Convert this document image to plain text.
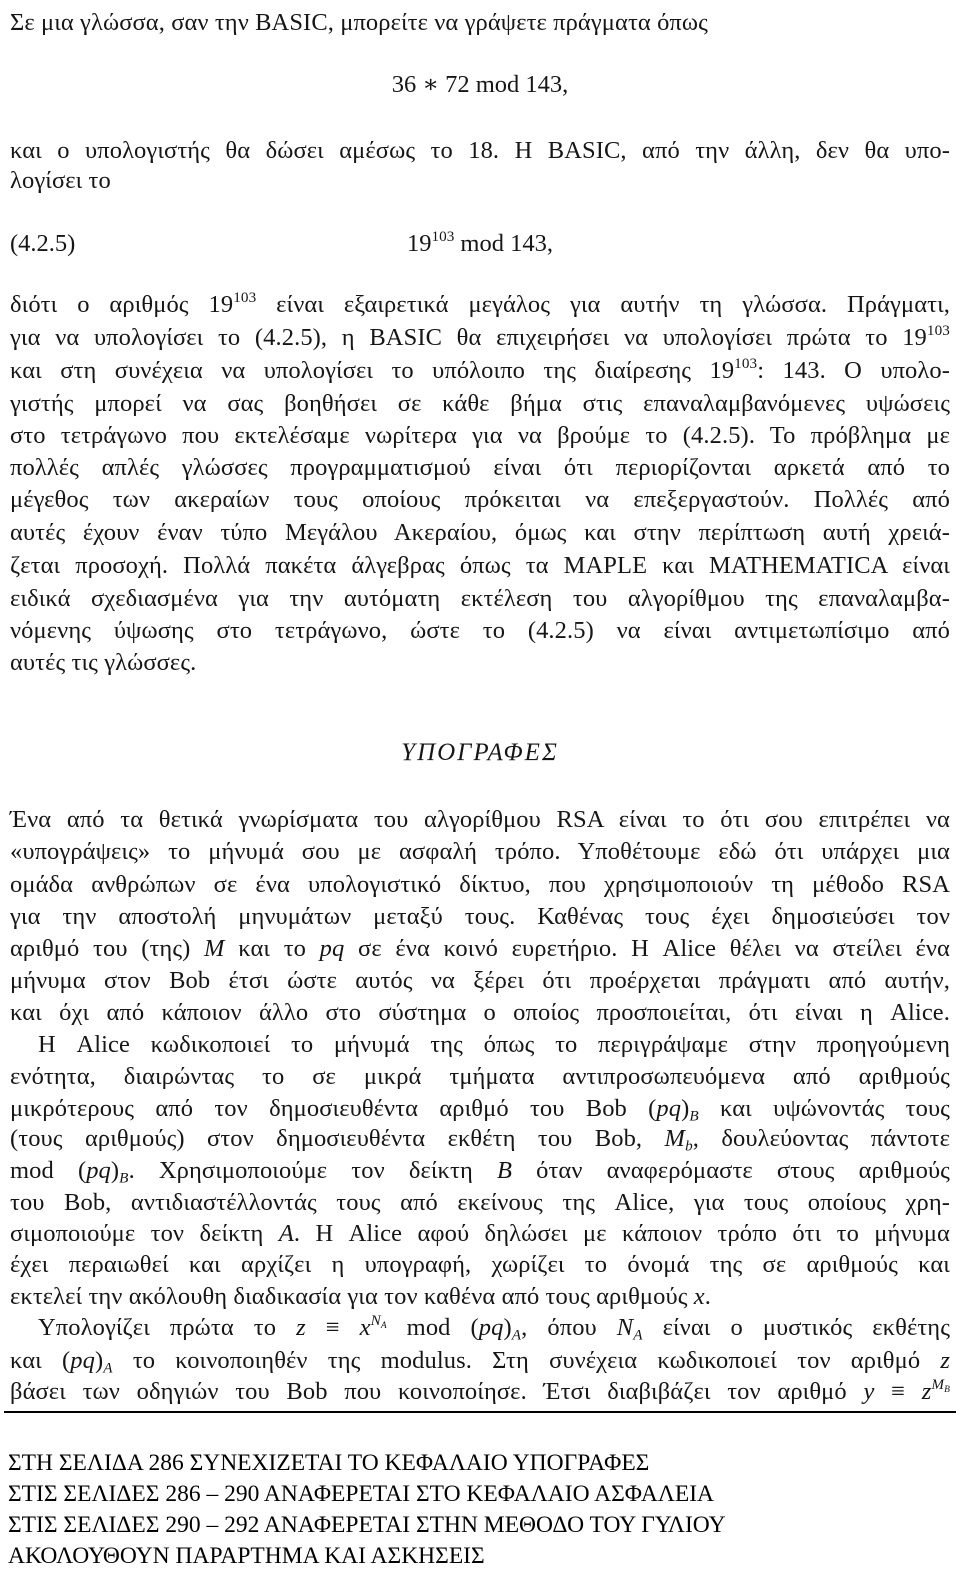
Σε μια γλώσσα, σαν την BASIC, μπορείτε να γράψετε πράγματα όπως
36 ∗ 72 mod 143,
και ο υπολογιστής θα δώσει αμέσως το 18. Η BASIC, από την άλλη, δεν θα υπο-
λογίσει το
(4.2.5)	$19^{103}$ mod 143,
διότι ο αριθμός $19^{103}$ είναι εξαιρετικά μεγάλος για αυτήν τη γλώσσα. Πράγματι,
για να υπολογίσει το (4.2.5), η BASIC θα επιχειρήσει να υπολογίσει πρώτα το $19^{103}$
και στη συνέχεια να υπολογίσει το υπόλοιπο της διαίρεσης $19^{103}$: 143. Ο υπολο-
γιστής μπορεί να σας βοηθήσει σε κάθε βήμα στις επαναλαμβανόμενες υψώσεις
στο τετράγωνο που εκτελέσαμε νωρίτερα για να βρούμε το (4.2.5). Το πρόβλημα με
πολλές απλές γλώσσες προγραμματισμού είναι ότι περιορίζονται αρκετά από το
μέγεθος των ακεραίων τους οποίους πρόκειται να επεξεργαστούν. Πολλές από
αυτές έχουν έναν τύπο Μεγάλου Ακεραίου, όμως και στην περίπτωση αυτή χρειά-
ζεται προσοχή. Πολλά πακέτα άλγεβρας όπως τα MAPLE και MATHEMATICA είναι
ειδικά σχεδιασμένα για την αυτόματη εκτέλεση του αλγορίθμου της επαναλαμβα-
νόμενης ύψωσης στο τετράγωνο, ώστε το (4.2.5) να είναι αντιμετωπίσιμο από
αυτές τις γλώσσες.
ΥΠΟΓΡΑΦΕΣ
Ένα από τα θετικά γνωρίσματα του αλγορίθμου RSA είναι το ότι σου επιτρέπει να
«υπογράψεις» το μήνυμά σου με ασφαλή τρόπο. Υποθέτουμε εδώ ότι υπάρχει μια
ομάδα ανθρώπων σε ένα υπολογιστικό δίκτυο, που χρησιμοποιούν τη μέθοδο RSA
για την αποστολή μηνυμάτων μεταξύ τους. Καθένας τους έχει δημοσιεύσει τον
αριθμό του (της) M και το pq σε ένα κοινό ευρετήριο. Η Alice θέλει να στείλει ένα
μήνυμα στον Bob έτσι ώστε αυτός να ξέρει ότι προέρχεται πράγματι από αυτήν,
και όχι από κάποιον άλλο στο σύστημα ο οποίος προσποιείται, ότι είναι η Alice.
Η Alice κωδικοποιεί το μήνυμά της όπως το περιγράψαμε στην προηγούμενη
ενότητα, διαιρώντας το σε μικρά τμήματα αντιπροσωπευόμενα από αριθμούς
μικρότερους από τον δημοσιευθέντα αριθμό του Bob $(pq)_B$ και υψώνοντάς τους
(τους αριθμούς) στον δημοσιευθέντα εκθέτη του Bob, $M_b$, δουλεύοντας πάντοτε
mod $(pq)_B$. Χρησιμοποιούμε τον δείκτη B όταν αναφερόμαστε στους αριθμούς
του Bob, αντιδιαστέλλοντάς τους από εκείνους της Alice, για τους οποίους χρη-
σιμοποιούμε τον δείκτη A. Η Alice αφού δηλώσει με κάποιον τρόπο ότι το μήνυμα
έχει περαιωθεί και αρχίζει η υπογραφή, χωρίζει το όνομά της σε αριθμούς και
εκτελεί την ακόλουθη διαδικασία για τον καθένα από τους αριθμούς x.
Υπολογίζει πρώτα το $z \equiv x^{N_A}$ mod $(pq)_A$, όπου $N_A$ είναι ο μυστικός εκθέτης
και $(pq)_A$ το κοινοποιηθέν της modulus. Στη συνέχεια κωδικοποιεί τον αριθμό z
βάσει των οδηγιών του Bob που κοινοποίησε. Έτσι διαβιβάζει τον αριθμό $y \equiv z^{M_B}$
ΣΤΗ ΣΕΛΙΔΑ 286 ΣΥΝΕΧΙΖΕΤΑΙ ΤΟ ΚΕΦΑΛΑΙΟ ΥΠΟΓΡΑΦΕΣ
ΣΤΙΣ ΣΕΛΙΔΕΣ 286 – 290 ΑΝΑΦΕΡΕΤΑΙ ΣΤΟ ΚΕΦΑΛΑΙΟ ΑΣΦΑΛΕΙΑ
ΣΤΙΣ ΣΕΛΙΔΕΣ 290 – 292 ΑΝΑΦΕΡΕΤΑΙ ΣΤΗΝ ΜΕΘΟΔΟ ΤΟΥ ΓΥΛΙΟΥ
ΑΚΟΛΟΥΘΟΥΝ ΠΑΡΑΡΤΗΜΑ ΚΑΙ ΑΣΚΗΣΕΙΣ
